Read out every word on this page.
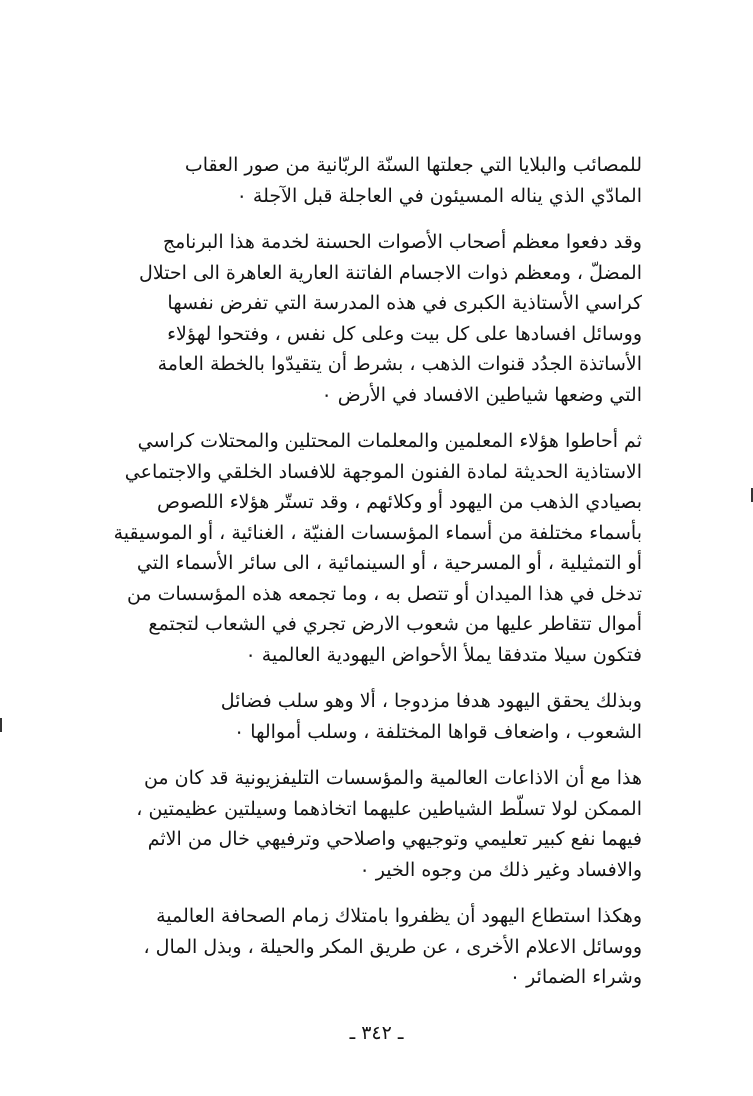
للمصائب والبلايا التي جعلتها السنّة الربّانية من صور العقاب
المادّي الذي يناله المسيئون في العاجلة قبل الآجلة ٠

وقد دفعوا معظم أصحاب الأصوات الحسنة لخدمة هذا البرنامج
المضلّ ، ومعظم ذوات الاجسام الفاتنة العارية العاهرة الى احتلال
كراسي الأستاذية الكبرى في هذه المدرسة التي تفرض نفسها
ووسائل افسادها على كل بيت وعلى كل نفس ، وفتحوا لهؤلاء
الأساتذة الجدُد قنوات الذهب ، بشرط أن يتقيدّوا بالخطة العامة
التي وضعها شياطين الافساد في الأرض ٠

ثم أحاطوا هؤلاء المعلمين والمعلمات المحتلين والمحتلات كراسي
الاستاذية الحديثة لمادة الفنون الموجهة للافساد الخلقي والاجتماعي
بصيادي الذهب من اليهود أو وكلائهم ، وقد تستّر هؤلاء اللصوص
بأسماء مختلفة من أسماء المؤسسات الفنيّة ، الغنائية ، أو الموسيقية
أو التمثيلية ، أو المسرحية ، أو السينمائية ، الى سائر الأسماء التي
تدخل في هذا الميدان أو تتصل به ، وما تجمعه هذه المؤسسات من
أموال تتقاطر عليها من شعوب الارض تجري في الشعاب لتجتمع
فتكون سيلا متدفقا يملأ الأحواض اليهودية العالمية ٠

وبذلك يحقق اليهود هدفا مزدوجا ، ألا وهو سلب فضائل
الشعوب ، واضعاف قواها المختلفة ، وسلب أموالها ٠

هذا مع أن الاذاعات العالمية والمؤسسات التليفزيونية قد كان من
الممكن لولا تسلّط الشياطين عليهما اتخاذهما وسيلتين عظيمتين ،
فيهما نفع كبير تعليمي وتوجيهي واصلاحي وترفيهي خال من الاثم
والافساد وغير ذلك من وجوه الخير ٠

وهكذا استطاع اليهود أن يظفروا بامتلاك زمام الصحافة العالمية
ووسائل الاعلام الأخرى ، عن طريق المكر والحيلة ، وبذل المال ،
وشراء الضمائر ٠

ـ ٣٤٢ ـ
